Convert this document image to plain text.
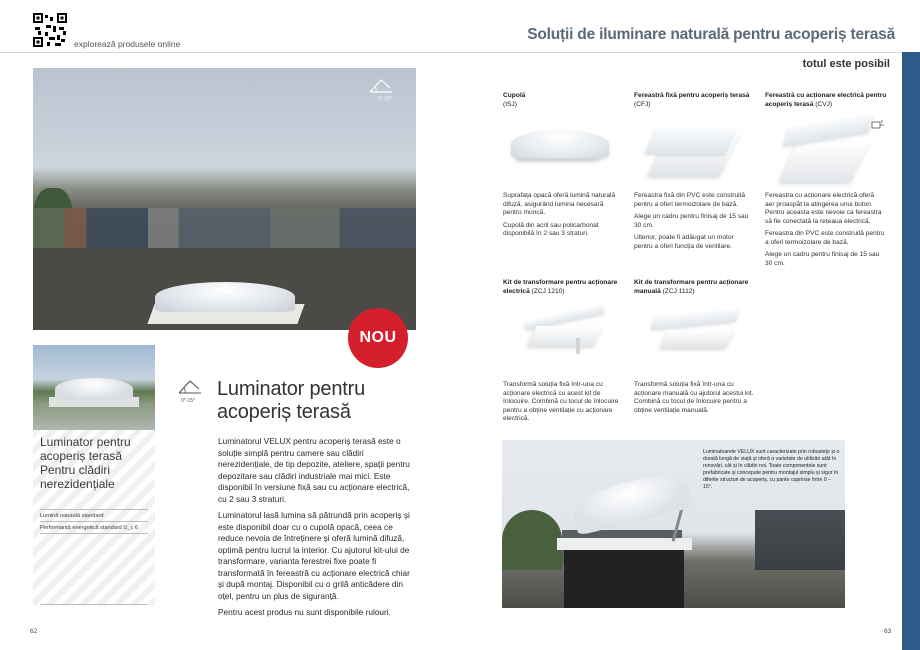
explorează produsele online
Soluții de iluminare naturală pentru acoperiș terasă
totul este posibil
0°-15°
NOU
Luminator pentru acoperiș terasă Pentru clădiri nerezidențiale
Lumină naturală standard
Performanță energetică standard U_c 6
0°-15°
Luminator pentru acoperiș terasă

Luminatorul VELUX pentru acoperiș terasă este o soluție simplă pentru camere sau clădiri nerezidențiale, de tip depozite, ateliere, spații pentru depozitare sau clădiri industriale mai mici. Este disponibil în versiune fixă sau cu acționare electrică, cu 2 sau 3 straturi.

Luminatorul lasă lumina să pătrundă prin acoperiș și este disponibil doar cu o cupolă opacă, ceea ce reduce nevoia de întreținere și oferă lumină difuză, optimă pentru lucrul la interior. Cu ajutorul kit-ului de transformare, varianta ferestrei fixe poate fi transformată în fereastră cu acționare electrică chiar și după montaj. Disponibil cu o grilă anticădere din oțel, pentru un plus de siguranță.

Pentru acest produs nu sunt disponibile rulouri.

Cupolă
(ISJ)

Suprafața opacă oferă lumină naturală difuză, asigurând lumina necesară pentru muncă.

Cupolă din acril sau policarbonat disponibilă în 2 sau 3 straturi.

Fereastră fixă pentru acoperiș terasă (CFJ)

Fereastra fixă din PVC este construită pentru a oferi termoizolare de bază.

Alege un cadru pentru finisaj de 15 sau 30 cm.

Ulterior, poate fi adăugat un motor pentru a oferi funcția de ventilare.

Fereastră cu acționare electrică pentru acoperiș terasă (CVJ)

Fereastra cu acționare electrică oferă aer proaspăt la atingerea unui buton. Pentru aceasta este nevoie ca fereastra să fie conectată la rețeaua electrică.

Fereastra din PVC este construită pentru a oferi termoizolare de bază.

Alege un cadru pentru finisaj de 15 sau 30 cm.

Kit de transformare pentru acționare electrică (ZCJ 1210)
Transformă soluția fixă într-una cu acționare electrică cu acest kit de înlocuire. Combină cu tocul de înlocuire pentru a obține ventilație cu acționare electrică.
Kit de transformare pentru acționare manuală (ZCJ 1112)
Transformă soluția fixă într-una cu acționare manuală cu ajutorul acestui kit. Combină cu tocul de înlocuire pentru a obține ventilație manuală.
Luminatoarele VELUX sunt caracterizate prin robustețe și o durată lungă de viață și oferă o varietate de utilizări atât în renovări, cât și în clădiri noi. Toate componentele sunt prefabricate și concepute pentru montajul simplu și sigur în diferite structuri de acoperiș, cu pante cuprinse între 0 – 15°.
62	63
